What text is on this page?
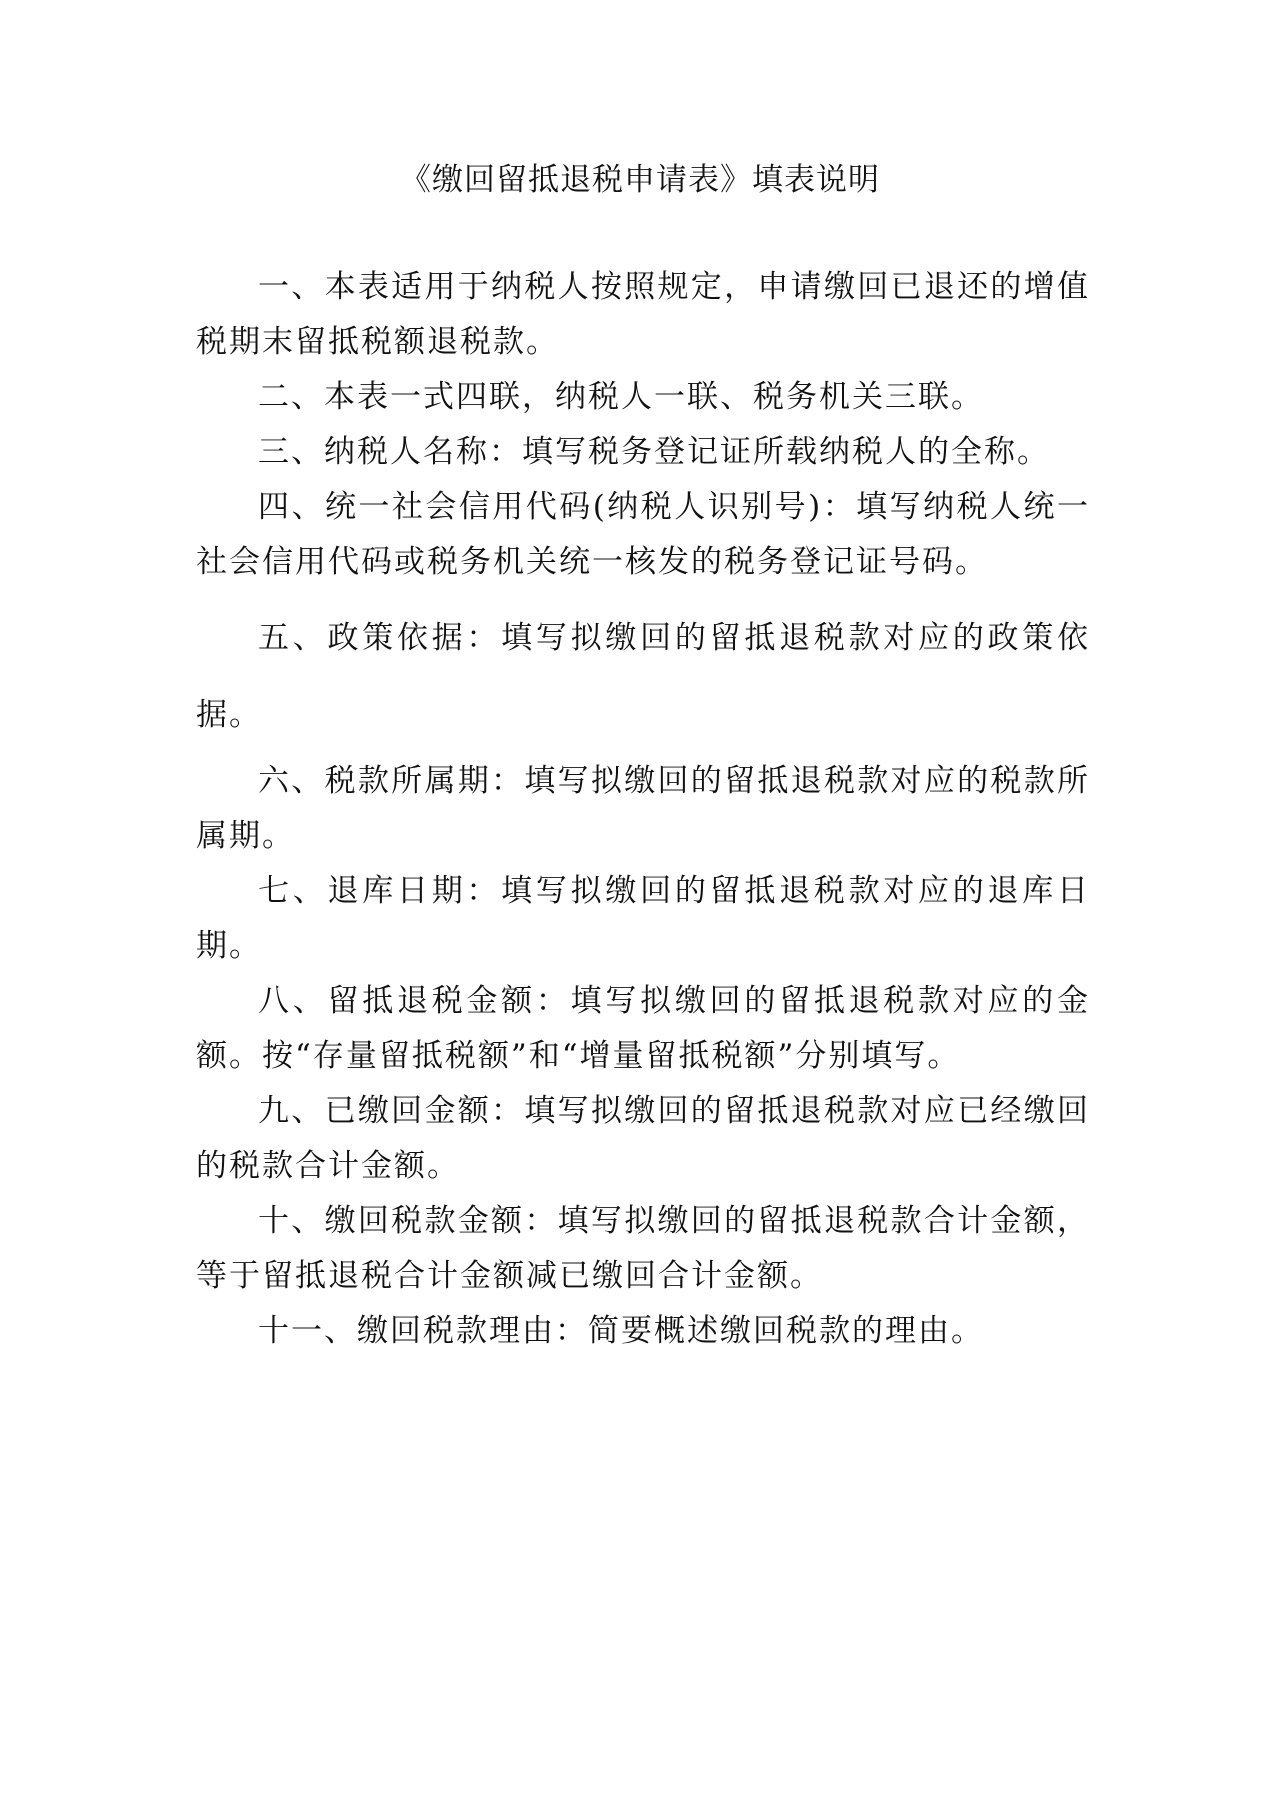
《缴回留抵退税申请表》填表说明

一、本表适用于纳税人按照规定，申请缴回已退还的增值税期末留抵税额退税款。

二、本表一式四联，纳税人一联、税务机关三联。

三、纳税人名称：填写税务登记证所载纳税人的全称。

四、统一社会信用代码(纳税人识别号)：填写纳税人统一社会信用代码或税务机关统一核发的税务登记证号码。

五、政策依据：填写拟缴回的留抵退税款对应的政策依据。

六、税款所属期：填写拟缴回的留抵退税款对应的税款所属期。

七、退库日期：填写拟缴回的留抵退税款对应的退库日期。

八、留抵退税金额：填写拟缴回的留抵退税款对应的金额。按“存量留抵税额”和“增量留抵税额”分别填写。

九、已缴回金额：填写拟缴回的留抵退税款对应已经缴回的税款合计金额。

十、缴回税款金额：填写拟缴回的留抵退税款合计金额，等于留抵退税合计金额减已缴回合计金额。

十一、缴回税款理由：简要概述缴回税款的理由。
